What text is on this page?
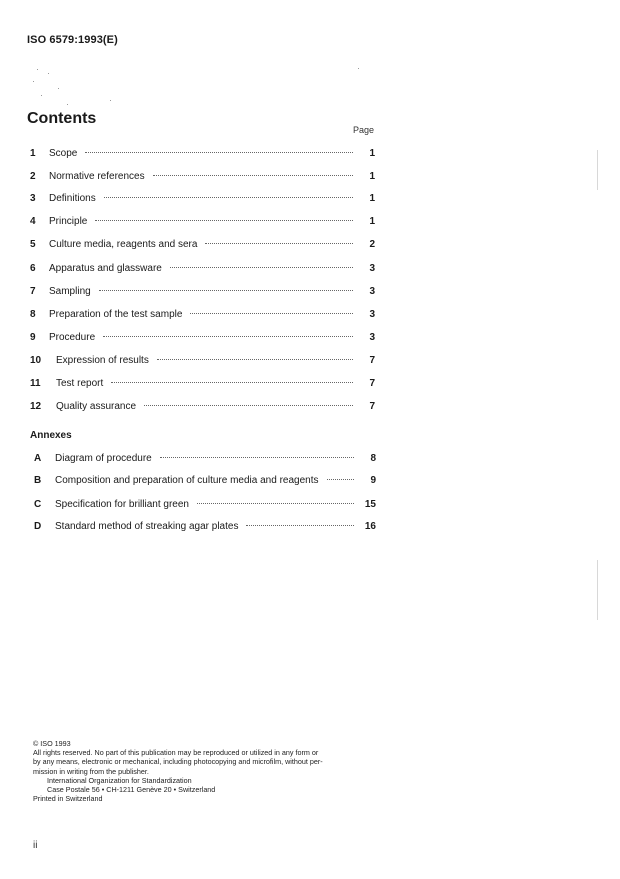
ISO 6579:1993(E)
Contents
Page
1	Scope	1
2	Normative references	1
3	Definitions	1
4	Principle	1
5	Culture media, reagents and sera	2
6	Apparatus and glassware	3
7	Sampling	3
8	Preparation of the test sample	3
9	Procedure	3
10	Expression of results	7
11	Test report	7
12	Quality assurance	7
Annexes
A	Diagram of procedure	8
B	Composition and preparation of culture media and reagents	9
C	Specification for brilliant green	15
D	Standard method of streaking agar plates	16
© ISO 1993
All rights reserved. No part of this publication may be reproduced or utilized in any form or
by any means, electronic or mechanical, including photocopying and microfilm, without per-
mission in writing from the publisher.
International Organization for Standardization
Case Postale 56 • CH-1211 Genève 20 • Switzerland
Printed in Switzerland
ii
